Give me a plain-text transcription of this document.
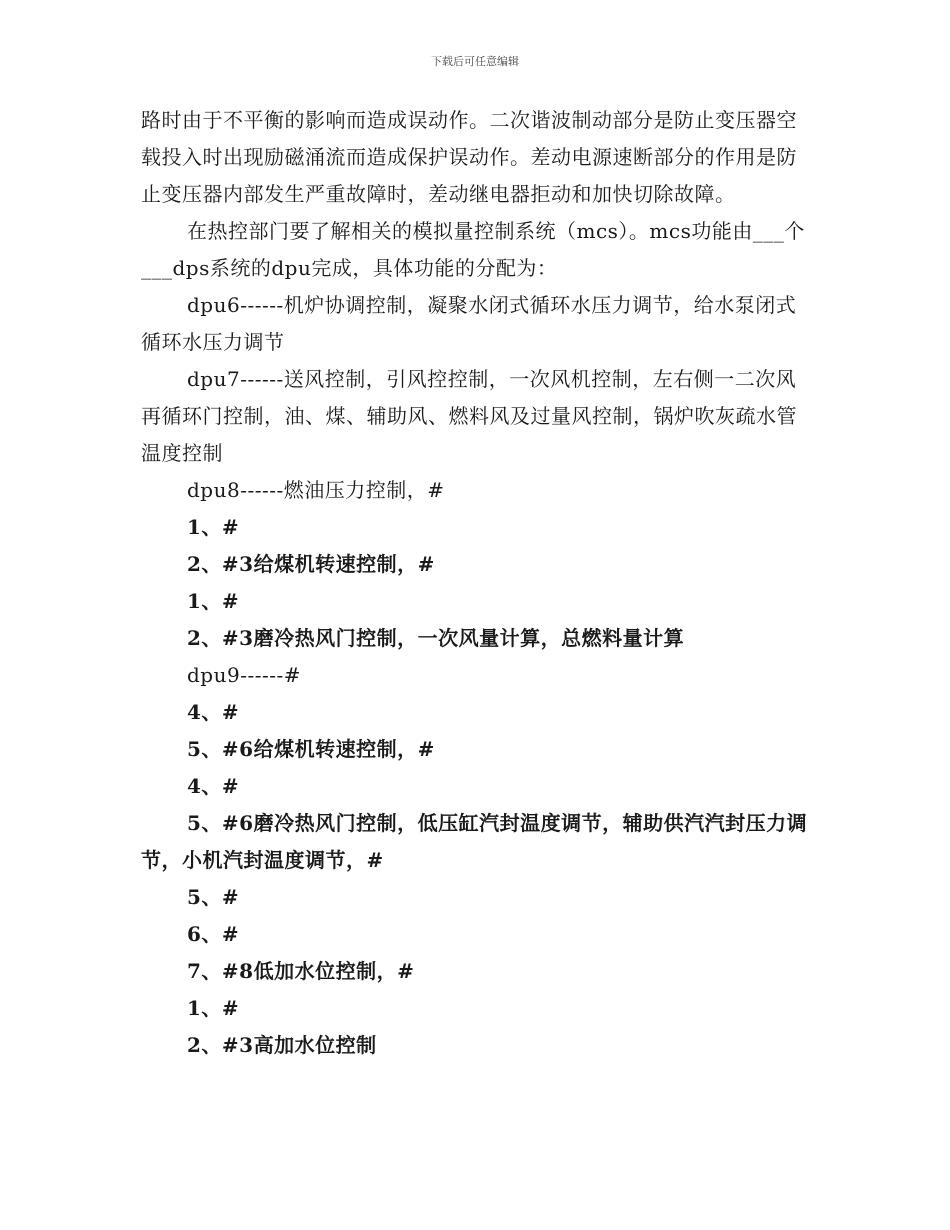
下载后可任意编辑

路时由于不平衡的影响而造成误动作。二次谐波制动部分是防止变压器空载投入时出现励磁涌流而造成保护误动作。差动电源速断部分的作用是防止变压器内部发生严重故障时，差动继电器拒动和加快切除故障。

在热控部门要了解相关的模拟量控制系统（mcs）。mcs功能由___个___dps系统的dpu完成，具体功能的分配为：

dpu6------机炉协调控制，凝聚水闭式循环水压力调节，给水泵闭式循环水压力调节

dpu7------送风控制，引风控控制，一次风机控制，左右侧一二次风再循环门控制，油、煤、辅助风、燃料风及过量风控制，锅炉吹灰疏水管温度控制

dpu8------燃油压力控制，#

1、#

2、#3给煤机转速控制，#

1、#

2、#3磨冷热风门控制，一次风量计算，总燃料量计算

dpu9------#

4、#

5、#6给煤机转速控制，#

4、#

5、#6磨冷热风门控制，低压缸汽封温度调节，辅助供汽汽封压力调节，小机汽封温度调节，#

5、#

6、#

7、#8低加水位控制，#

1、#

2、#3高加水位控制
